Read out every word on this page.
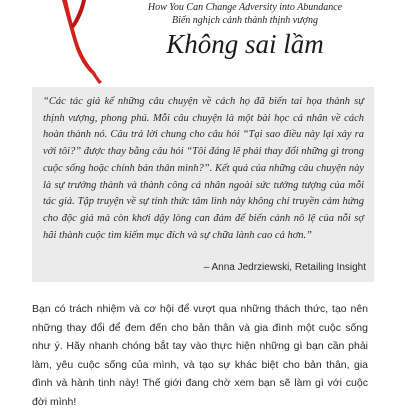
How You Can Change Adversity into Abundance
Biến nghịch cảnh thành thịnh vượng
Không sai lầm

“Các tác giả kể những câu chuyện về cách họ đã biến tai họa thành sự thịnh vượng, phong phú. Mỗi câu chuyện là một bài học cá nhân về cách hoàn thành nó. Câu trả lời chung cho câu hỏi “Tại sao điều này lại xảy ra với tôi?” được thay bằng câu hỏi “Tôi đáng lẽ phải thay đổi những gì trong cuộc sống hoặc chính bản thân mình?”. Kết quả của những câu chuyện này là sự trưởng thành và thành công cá nhân ngoài sức tưởng tượng của mỗi tác giả. Tập truyện về sự tỉnh thức tâm linh này không chỉ truyền cảm hứng cho độc giả mà còn khơi dậy lòng can đảm để biến cảnh nô lệ của nỗi sợ hãi thành cuộc tìm kiếm mục đích và sự chữa lành cao cả hơn.”

– Anna Jedrziewski, Retailing Insight

Bạn có trách nhiệm và cơ hội để vượt qua những thách thức, tạo nên những thay đổi để đem đến cho bản thân và gia đình một cuộc sống như ý. Hãy nhanh chóng bắt tay vào thực hiện những gì bạn cần phải làm, yêu cuộc sống của mình, và tạo sự khác biệt cho bản thân, gia đình và hành tinh này! Thế giới đang chờ xem bạn sẽ làm gì với cuộc đời mình!
